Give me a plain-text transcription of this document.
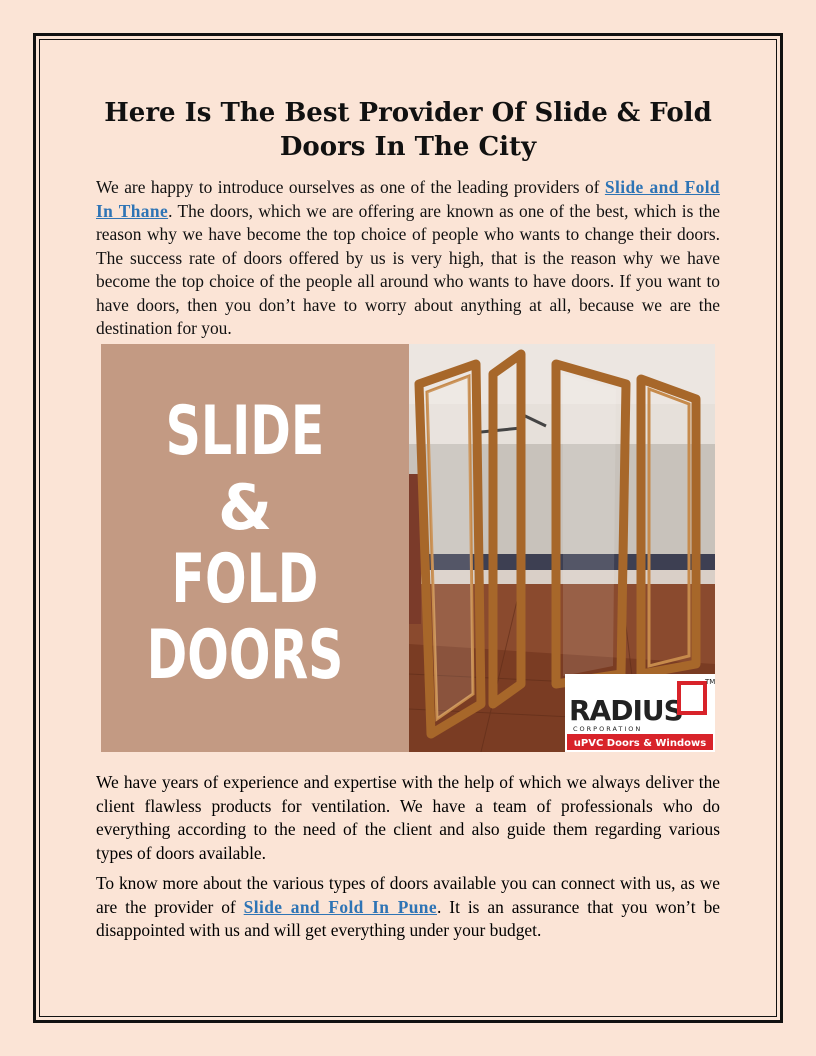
Here Is The Best Provider Of Slide & Fold Doors In The City

We are happy to introduce ourselves as one of the leading providers of Slide and Fold In Thane. The doors, which we are offering are known as one of the best, which is the reason why we have become the top choice of people who wants to change their doors. The success rate of doors offered by us is very high, that is the reason why we have become the top choice of the people all around who wants to have doors. If you want to have doors, then you don’t have to worry about anything at all, because we are the destination for you.

SLIDE
&
FOLD
DOORS
RADIUS
TM
CORPORATION
uPVC Doors & Windows

We have years of experience and expertise with the help of which we always deliver the client flawless products for ventilation. We have a team of professionals who do everything according to the need of the client and also guide them regarding various types of doors available.

To know more about the various types of doors available you can connect with us, as we are the provider of Slide and Fold In Pune. It is an assurance that you won’t be disappointed with us and will get everything under your budget.
